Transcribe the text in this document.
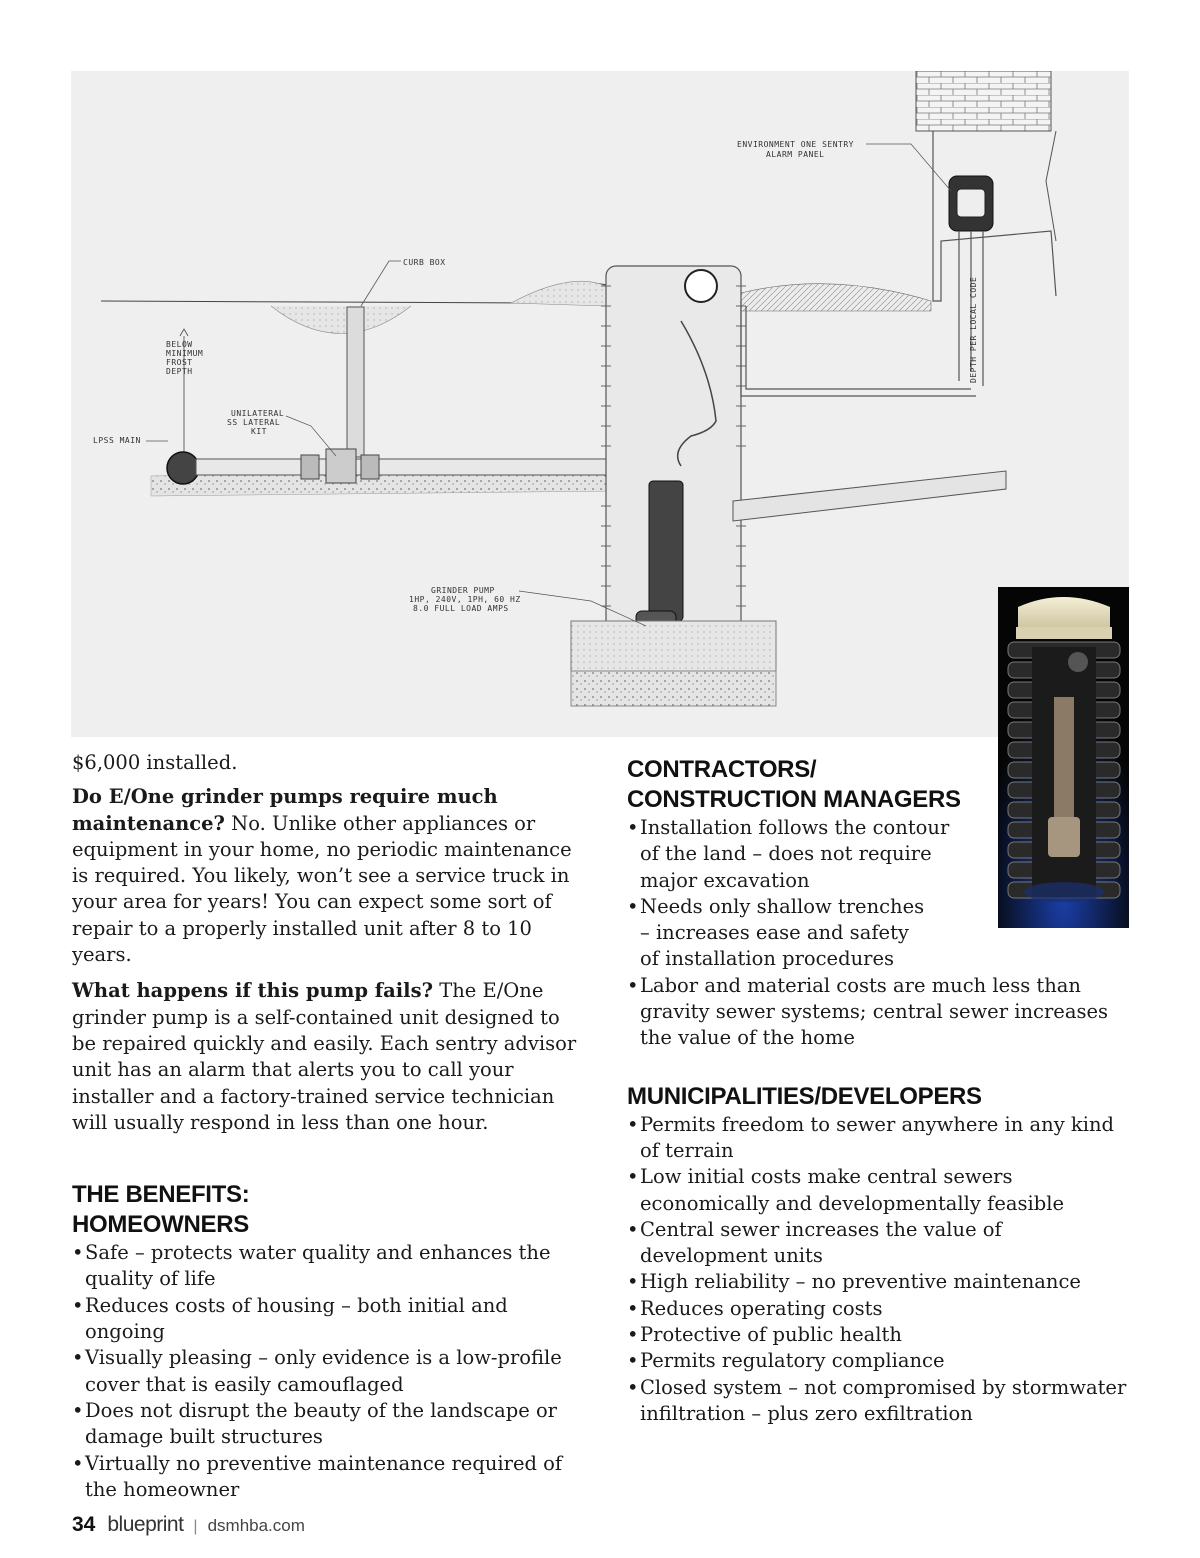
ENVIRONMENT ONE SENTRY
ALARM PANEL
CURB BOX
BELOW
MINIMUM
FROST
DEPTH
UNILATERAL
SS LATERAL
KIT
LPSS MAIN
GRINDER PUMP
1HP, 240V, 1PH, 60 HZ
8.0 FULL LOAD AMPS
DEPTH PER LOCAL CODE

$6,000 installed.

Do E/One grinder pumps require much maintenance? No. Unlike other appliances or equipment in your home, no periodic maintenance is required. You likely, won’t see a service truck in your area for years! You can expect some sort of repair to a properly installed unit after 8 to 10 years.

What happens if this pump fails? The E/One grinder pump is a self-contained unit designed to be repaired quickly and easily. Each sentry advisor unit has an alarm that alerts you to call your installer and a factory-trained service technician will usually respond in less than one hour.

THE BENEFITS:
HOMEOWNERS
• Safe – protects water quality and enhances the quality of life
• Reduces costs of housing – both initial and ongoing
• Visually pleasing – only evidence is a low-profile cover that is easily camouflaged
• Does not disrupt the beauty of the landscape or damage built structures
• Virtually no preventive maintenance required of the homeowner
CONTRACTORS/
CONSTRUCTION MANAGERS
• Installation follows the contour of the land – does not require major excavation
• Needs only shallow trenches – increases ease and safety of installation procedures
• Labor and material costs are much less than gravity sewer systems; central sewer increases the value of the home
MUNICIPALITIES/DEVELOPERS
• Permits freedom to sewer anywhere in any kind of terrain
• Low initial costs make central sewers economically and developmentally feasible
• Central sewer increases the value of development units
• High reliability – no preventive maintenance
• Reduces operating costs
• Protective of public health
• Permits regulatory compliance
• Closed system – not compromised by stormwater infiltration – plus zero exfiltration
34 blueprint | dsmhba.com
